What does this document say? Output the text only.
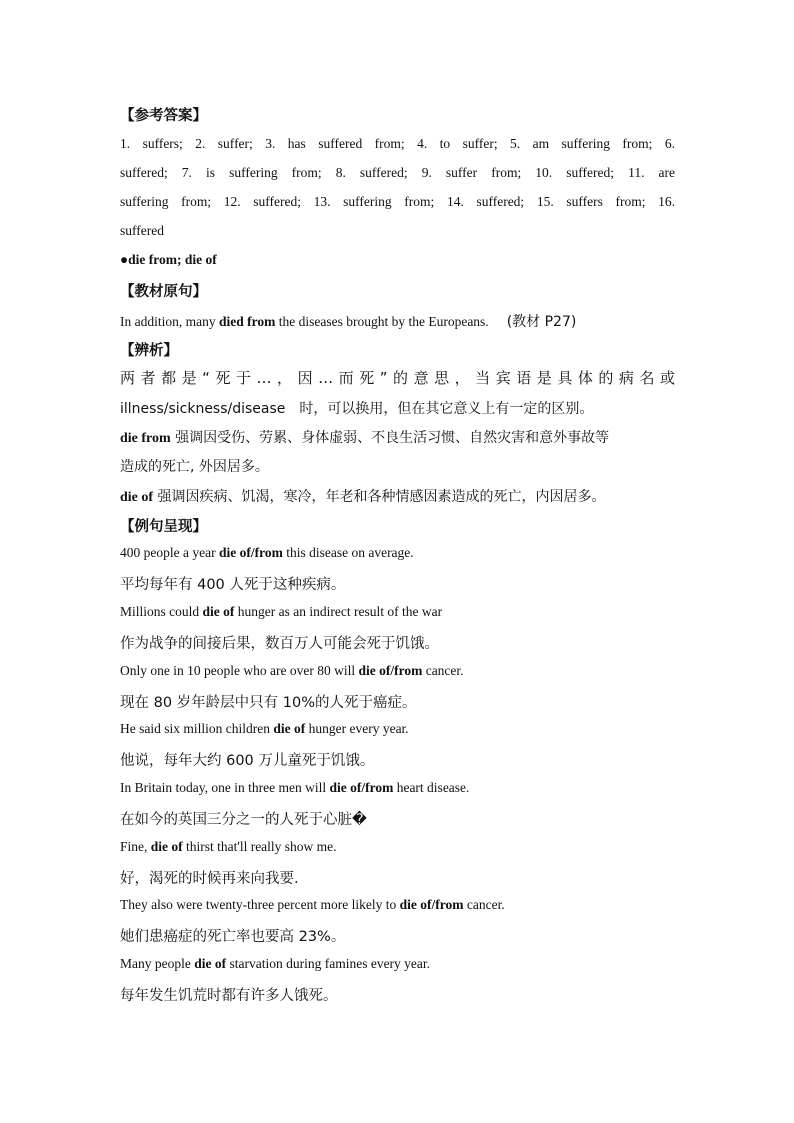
【参考答案】
1. suffers; 2. suffer; 3. has suffered from; 4. to suffer; 5. am suffering from; 6.
suffered; 7. is suffering from; 8. suffered; 9. suffer from; 10. suffered; 11. are
suffering from; 12. suffered; 13. suffering from; 14. suffered; 15. suffers from; 16.
suffered
●die from; die of
【教材原句】
In addition, many died from the diseases brought by the Europeans. (教材 P27)
【辨析】
两者都是“死于…，因…而死”的意思，当宾语是具体的病名或
illness/sickness/disease　时，可以换用，但在其它意义上有一定的区别。
die from 强调因受伤、劳累、身体虚弱、不良生活习惯、自然灾害和意外事故等
造成的死亡, 外因居多。
die of 强调因疾病、饥渴，寒冷，年老和各种情感因素造成的死亡，内因居多。
【例句呈现】
400 people a year die of/from this disease on average.
平均每年有 400 人死于这种疾病。
Millions could die of hunger as an indirect result of the war
作为战争的间接后果，数百万人可能会死于饥饿。
Only one in 10 people who are over 80 will die of/from cancer.
现在 80 岁年龄层中只有 10%的人死于癌症。
He said six million children die of hunger every year.
他说，每年大约 600 万儿童死于饥饿。
In Britain today, one in three men will die of/from heart disease.
在如今的英国三分之一的人死于心脏�
Fine, die of thirst that'll really show me.
好，渴死的时候再来向我要.
They also were twenty-three percent more likely to die of/from cancer.
她们患癌症的死亡率也要高 23%。
Many people die of starvation during famines every year.
每年发生饥荒时都有许多人饿死。
